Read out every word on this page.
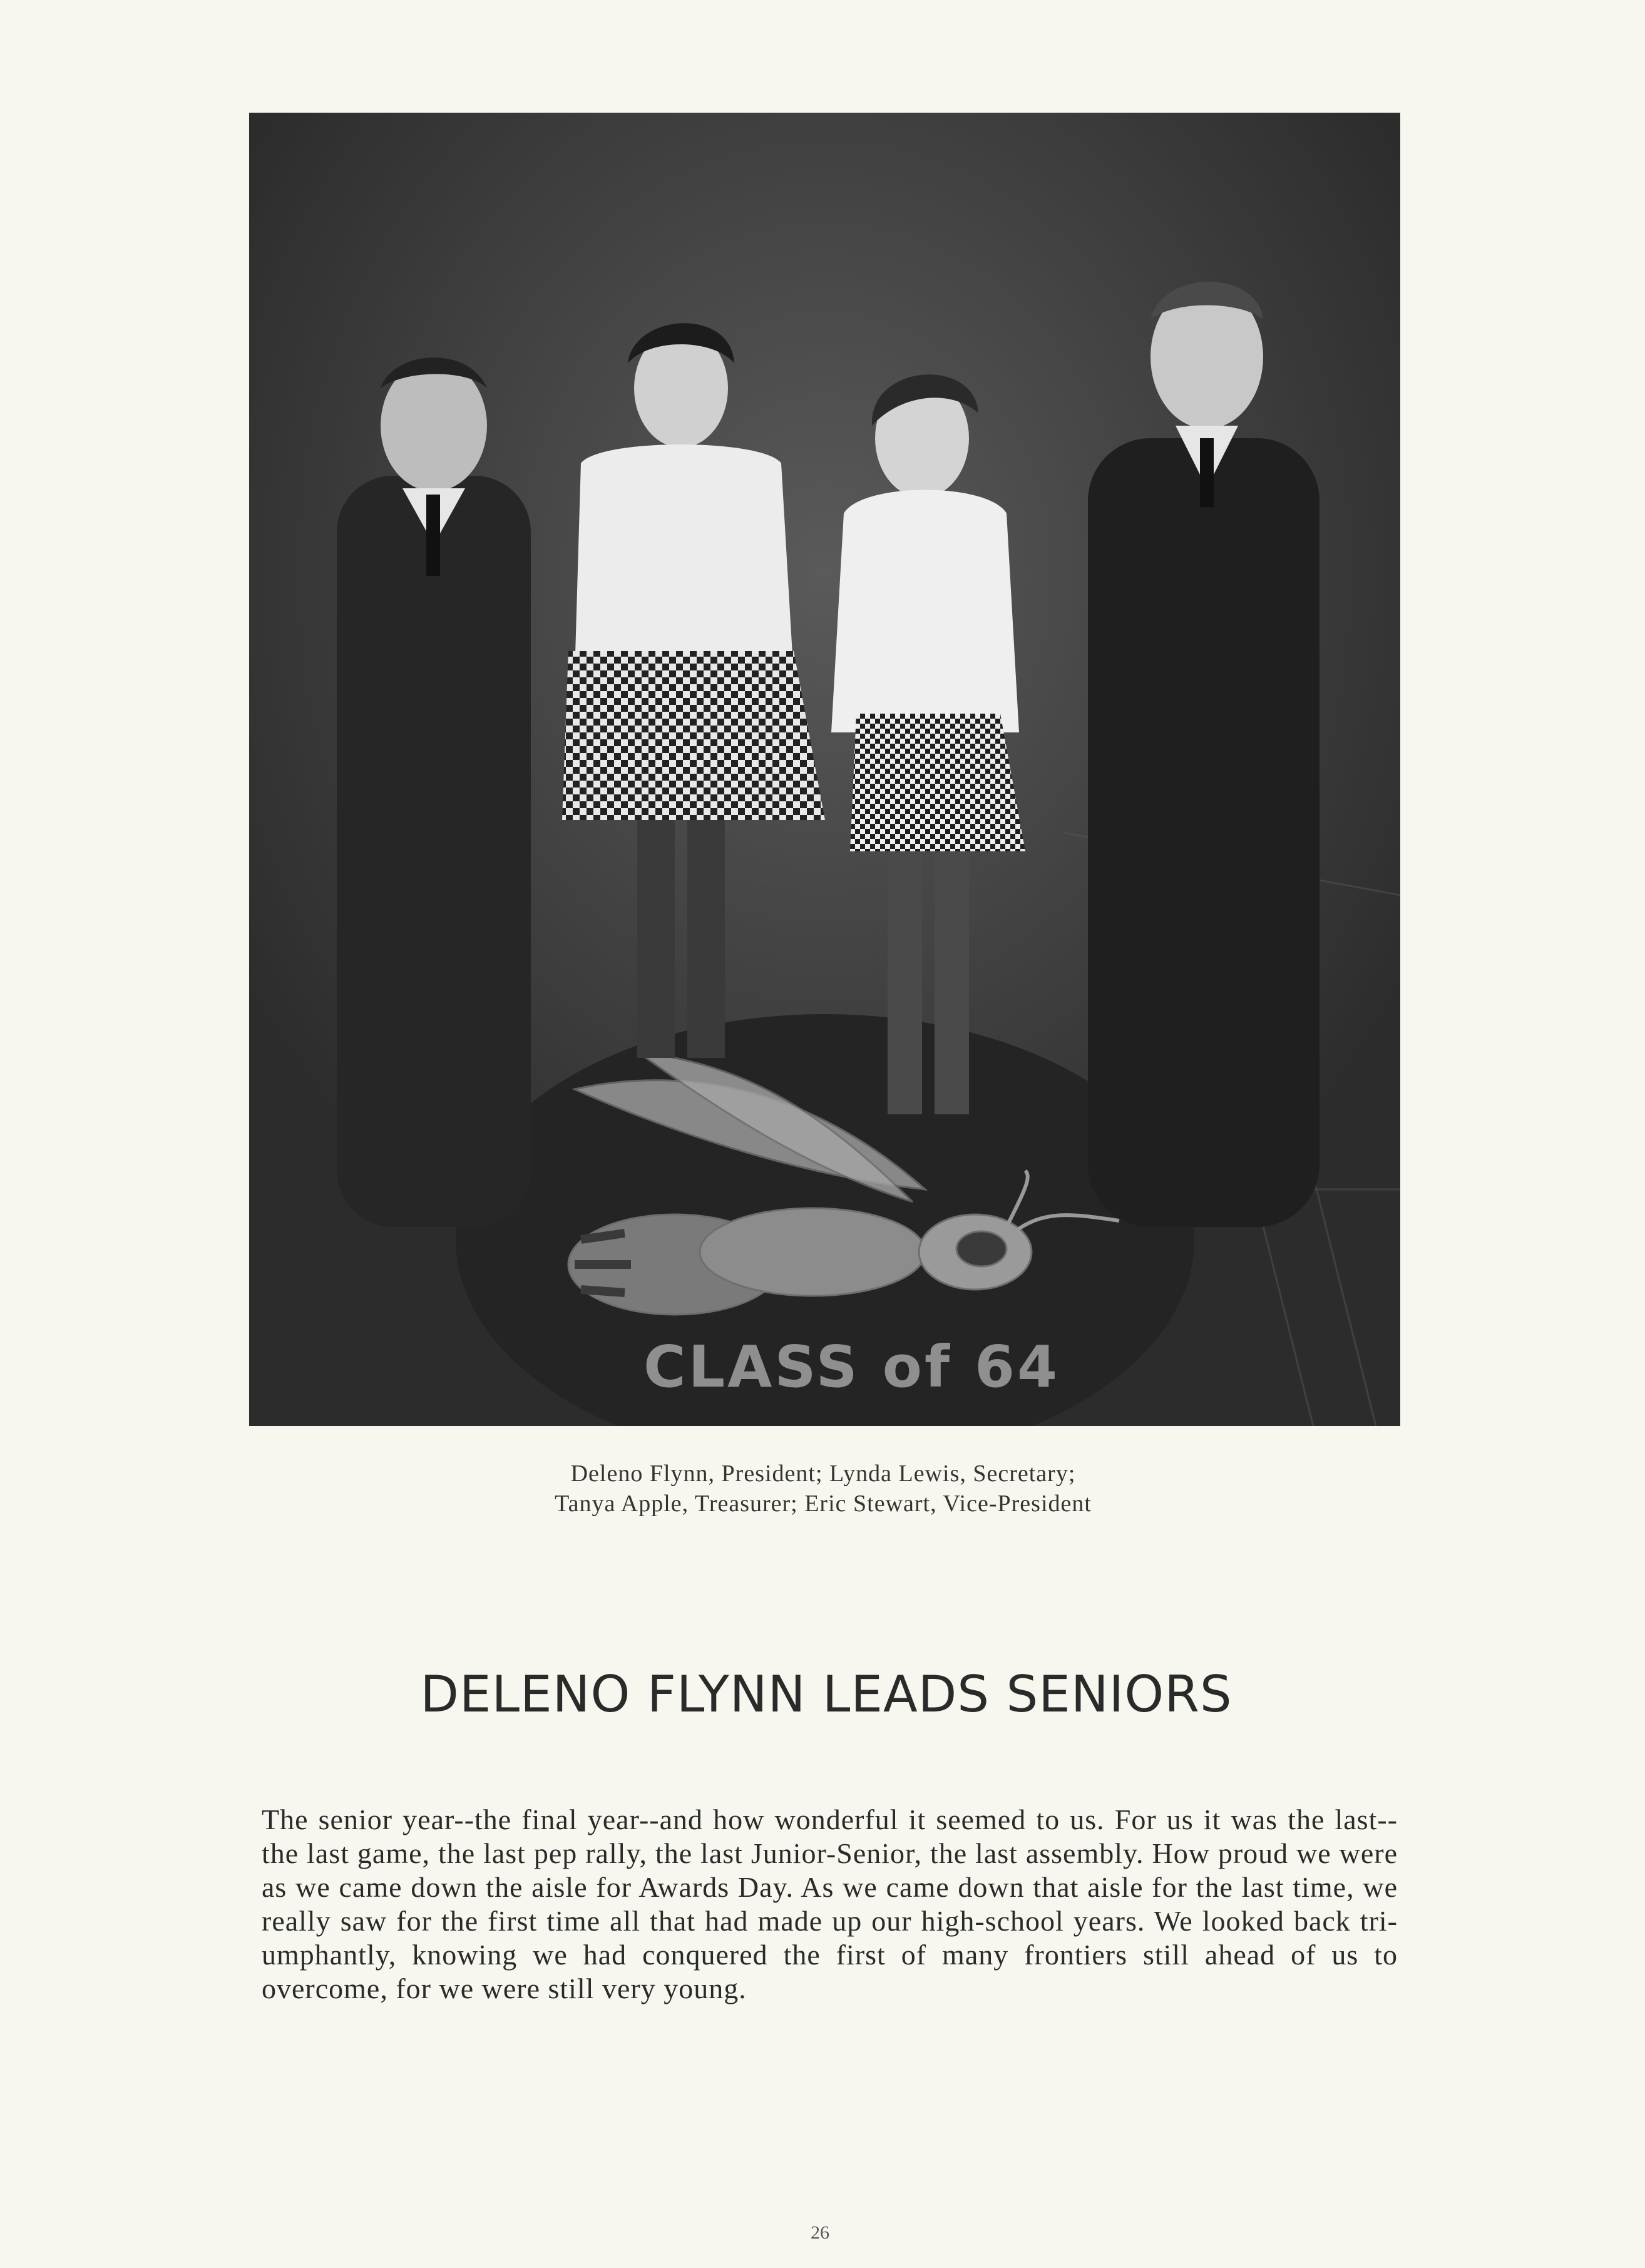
CLASS of 64
Deleno Flynn, President; Lynda Lewis, Secretary;
Tanya Apple, Treasurer; Eric Stewart, Vice-President
DELENO FLYNN LEADS SENIORS
The senior year--the final year--and how wonderful it seemed to us. For us it was the last--the last game, the last pep rally, the last Junior-Senior, the last assembly. How proud we were as we came down the aisle for Awards Day. As we came down that aisle for the last time, we really saw for the first time all that had made up our high-school years. We looked back tri-umphantly, knowing we had conquered the first of many frontiers still ahead of us to overcome, for we were still very young.
26
